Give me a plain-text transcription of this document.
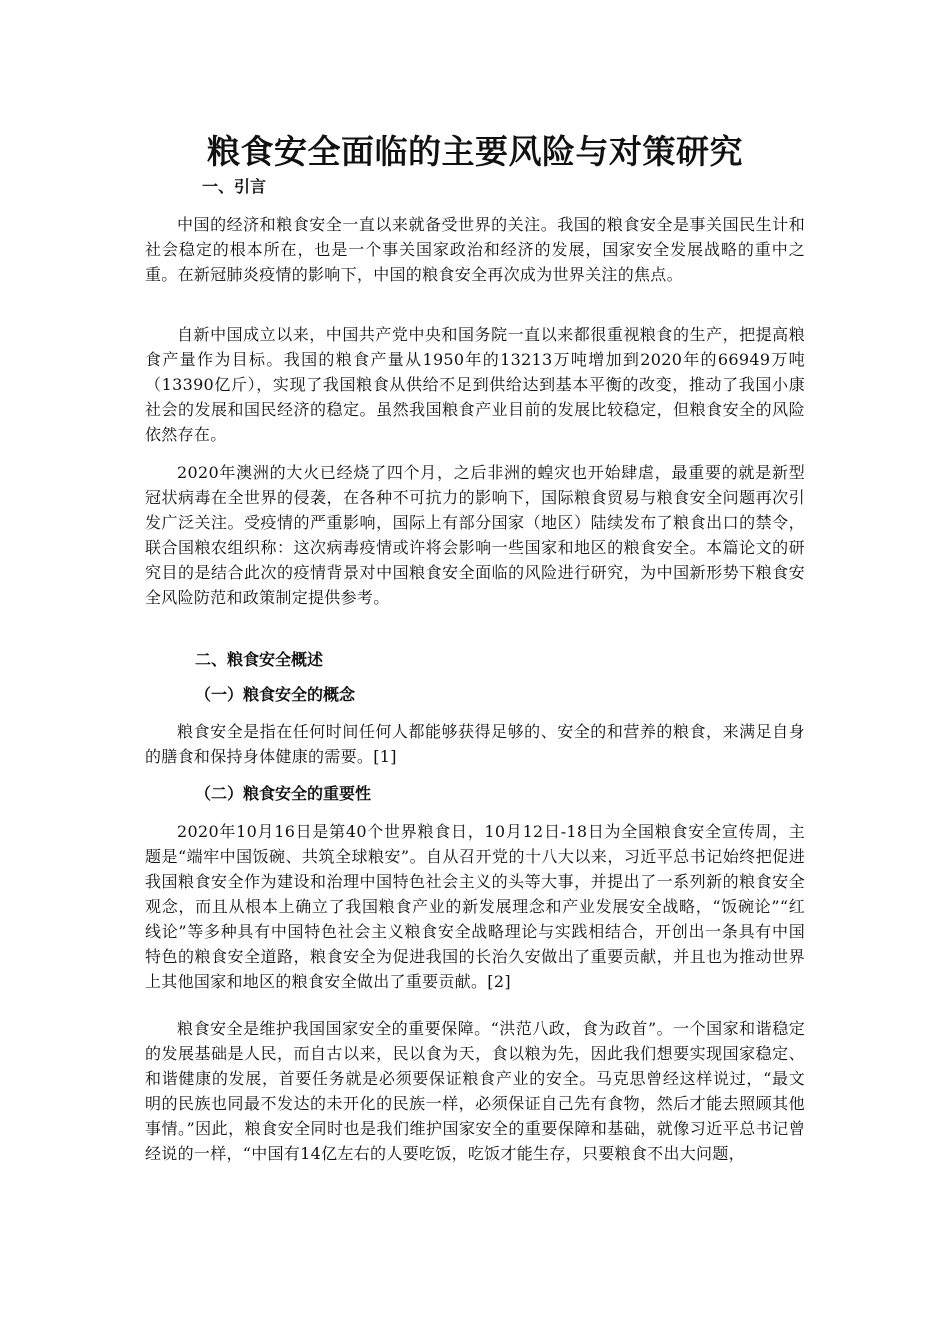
粮食安全面临的主要风险与对策研究
一、引言

中国的经济和粮食安全一直以来就备受世界的关注。我国的粮食安全是事关国民生计和社会稳定的根本所在，也是一个事关国家政治和经济的发展，国家安全发展战略的重中之重。在新冠肺炎疫情的影响下，中国的粮食安全再次成为世界关注的焦点。

自新中国成立以来，中国共产党中央和国务院一直以来都很重视粮食的生产，把提高粮食产量作为目标。我国的粮食产量从1950年的13213万吨增加到2020年的66949万吨（13390亿斤），实现了我国粮食从供给不足到供给达到基本平衡的改变，推动了我国小康社会的发展和国民经济的稳定。虽然我国粮食产业目前的发展比较稳定，但粮食安全的风险依然存在。

2020年澳洲的大火已经烧了四个月，之后非洲的蝗灾也开始肆虐，最重要的就是新型冠状病毒在全世界的侵袭，在各种不可抗力的影响下，国际粮食贸易与粮食安全问题再次引发广泛关注。受疫情的严重影响，国际上有部分国家（地区）陆续发布了粮食出口的禁令，联合国粮农组织称：这次病毒疫情或许将会影响一些国家和地区的粮食安全。本篇论文的研究目的是结合此次的疫情背景对中国粮食安全面临的风险进行研究，为中国新形势下粮食安全风险防范和政策制定提供参考。

二、粮食安全概述
（一）粮食安全的概念

粮食安全是指在任何时间任何人都能够获得足够的、安全的和营养的粮食，来满足自身的膳食和保持身体健康的需要。[1]

（二）粮食安全的重要性

2020年10月16日是第40个世界粮食日，10月12日-18日为全国粮食安全宣传周，主题是“端牢中国饭碗、共筑全球粮安”。自从召开党的十八大以来，习近平总书记始终把促进我国粮食安全作为建设和治理中国特色社会主义的头等大事，并提出了一系列新的粮食安全观念，而且从根本上确立了我国粮食产业的新发展理念和产业发展安全战略，“饭碗论”“红线论”等多种具有中国特色社会主义粮食安全战略理论与实践相结合，开创出一条具有中国特色的粮食安全道路，粮食安全为促进我国的长治久安做出了重要贡献，并且也为推动世界上其他国家和地区的粮食安全做出了重要贡献。[2]

粮食安全是维护我国国家安全的重要保障。“洪范八政，食为政首”。一个国家和谐稳定的发展基础是人民，而自古以来，民以食为天，食以粮为先，因此我们想要实现国家稳定、和谐健康的发展，首要任务就是必须要保证粮食产业的安全。马克思曾经这样说过，“最文明的民族也同最不发达的未开化的民族一样，必须保证自己先有食物，然后才能去照顾其他事情。”因此，粮食安全同时也是我们维护国家安全的重要保障和基础，就像习近平总书记曾经说的一样，“中国有14亿左右的人要吃饭，吃饭才能生存，只要粮食不出大问题，
